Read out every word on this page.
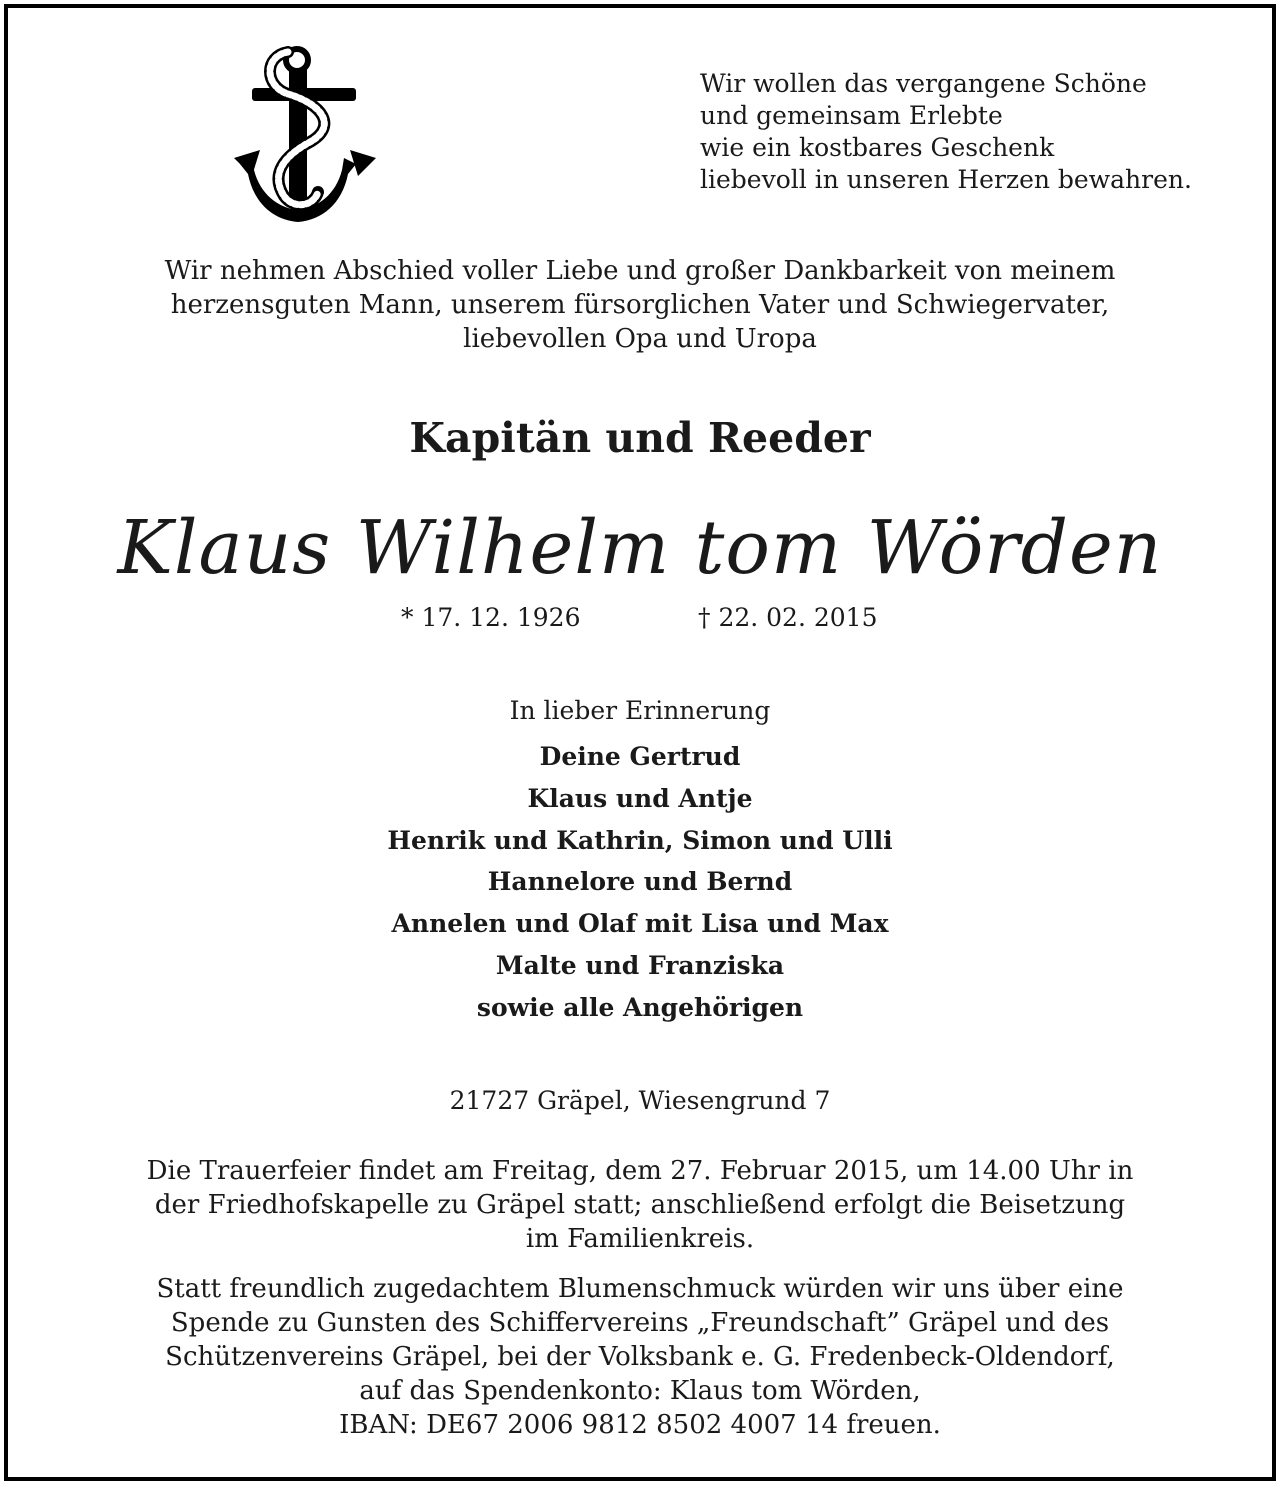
Wir wollen das vergangene Schöne
und gemeinsam Erlebte
wie ein kostbares Geschenk
liebevoll in unseren Herzen bewahren.
Wir nehmen Abschied voller Liebe und großer Dankbarkeit von meinem
herzensguten Mann, unserem fürsorglichen Vater und Schwiegervater,
liebevollen Opa und Uropa
Kapitän und Reeder
Klaus Wilhelm tom Wörden
* 17. 12. 1926	† 22. 02. 2015
In lieber Erinnerung
Deine Gertrud
Klaus und Antje
Henrik und Kathrin, Simon und Ulli
Hannelore und Bernd
Annelen und Olaf mit Lisa und Max
Malte und Franziska
sowie alle Angehörigen
21727 Gräpel, Wiesengrund 7
Die Trauerfeier findet am Freitag, dem 27. Februar 2015, um 14.00 Uhr in
der Friedhofskapelle zu Gräpel statt; anschließend erfolgt die Beisetzung
im Familienkreis.
Statt freundlich zugedachtem Blumenschmuck würden wir uns über eine
Spende zu Gunsten des Schiffervereins „Freundschaft” Gräpel und des
Schützenvereins Gräpel, bei der Volksbank e. G. Fredenbeck-Oldendorf,
auf das Spendenkonto: Klaus tom Wörden,
IBAN: DE67 2006 9812 8502 4007 14 freuen.
